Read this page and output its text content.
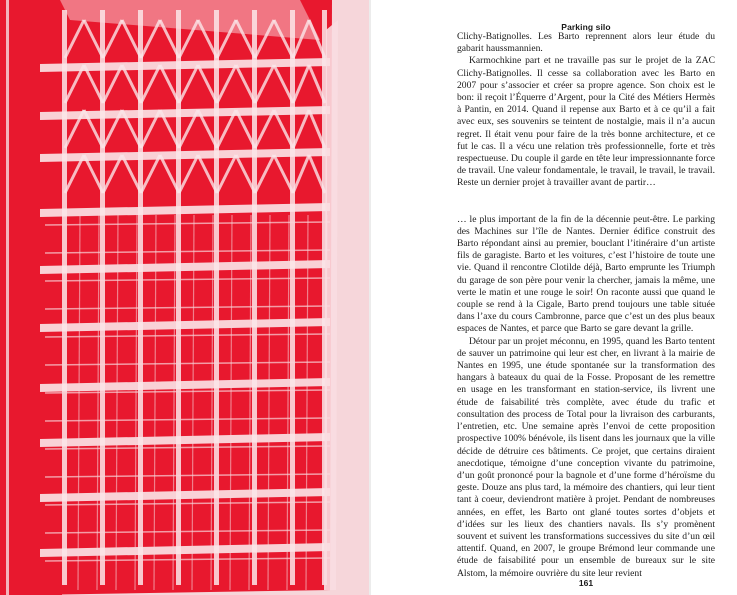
Parking silo

Clichy-Batignolles. Les Barto reprennent alors leur étude du gabarit haussmannien.

Karmochkine part et ne travaille pas sur le projet de la ZAC Clichy-Batignolles. Il cesse sa collaboration avec les Barto en 2007 pour s’associer et créer sa propre agence. Son choix est le bon: il reçoit l’Équerre d’Argent, pour la Cité des Métiers Hermès à Pantin, en 2014. Quand il repense aux Barto et à ce qu’il a fait avec eux, ses souvenirs se teintent de nostalgie, mais il n’a aucun regret. Il était venu pour faire de la très bonne architecture, et ce fut le cas. Il a vécu une relation très professionnelle, forte et très respectueuse. Du couple il garde en tête leur impressionnante force de travail. Une valeur fondamentale, le travail, le travail, le travail. Reste un dernier projet à travailler avant de partir…

… le plus important de la fin de la décennie peut-être. Le parking des Machines sur l’île de Nantes. Dernier édifice construit des Barto répondant ainsi au premier, bouclant l’itinéraire d’un artiste fils de garagiste. Barto et les voitures, c’est l’histoire de toute une vie. Quand il rencontre Clotilde déjà, Barto emprunte les Triumph du garage de son père pour venir la chercher, jamais la même, une verte le matin et une rouge le soir! On raconte aussi que quand le couple se rend à la Cigale, Barto prend toujours une table située dans l’axe du cours Cambronne, parce que c’est un des plus beaux espaces de Nantes, et parce que Barto se gare devant la grille.

Détour par un projet méconnu, en 1995, quand les Barto tentent de sauver un patrimoine qui leur est cher, en livrant à la mairie de Nantes en 1995, une étude spontanée sur la transformation des hangars à bateaux du quai de la Fosse. Proposant de les remettre en usage en les transformant en station-service, ils livrent une étude de faisabilité très complète, avec étude du trafic et consultation des process de Total pour la livraison des carburants, l’entretien, etc. Une semaine après l’envoi de cette proposition prospective 100% bénévole, ils lisent dans les journaux que la ville décide de détruire ces bâtiments. Ce projet, que certains diraient anecdotique, témoigne d’une conception vivante du patrimoine, d’un goût prononcé pour la bagnole et d’une forme d’héroïsme du geste. Douze ans plus tard, la mémoire des chantiers, qui leur tient tant à coeur, deviendront matière à projet. Pendant de nombreuses années, en effet, les Barto ont glané toutes sortes d’objets et d’idées sur les lieux des chantiers navals. Ils s’y promènent souvent et suivent les transformations successives du site d’un œil attentif. Quand, en 2007, le groupe Brémond leur commande une étude de faisabilité pour un ensemble de bureaux sur le site Alstom, la mémoire ouvrière du site leur revient

161
